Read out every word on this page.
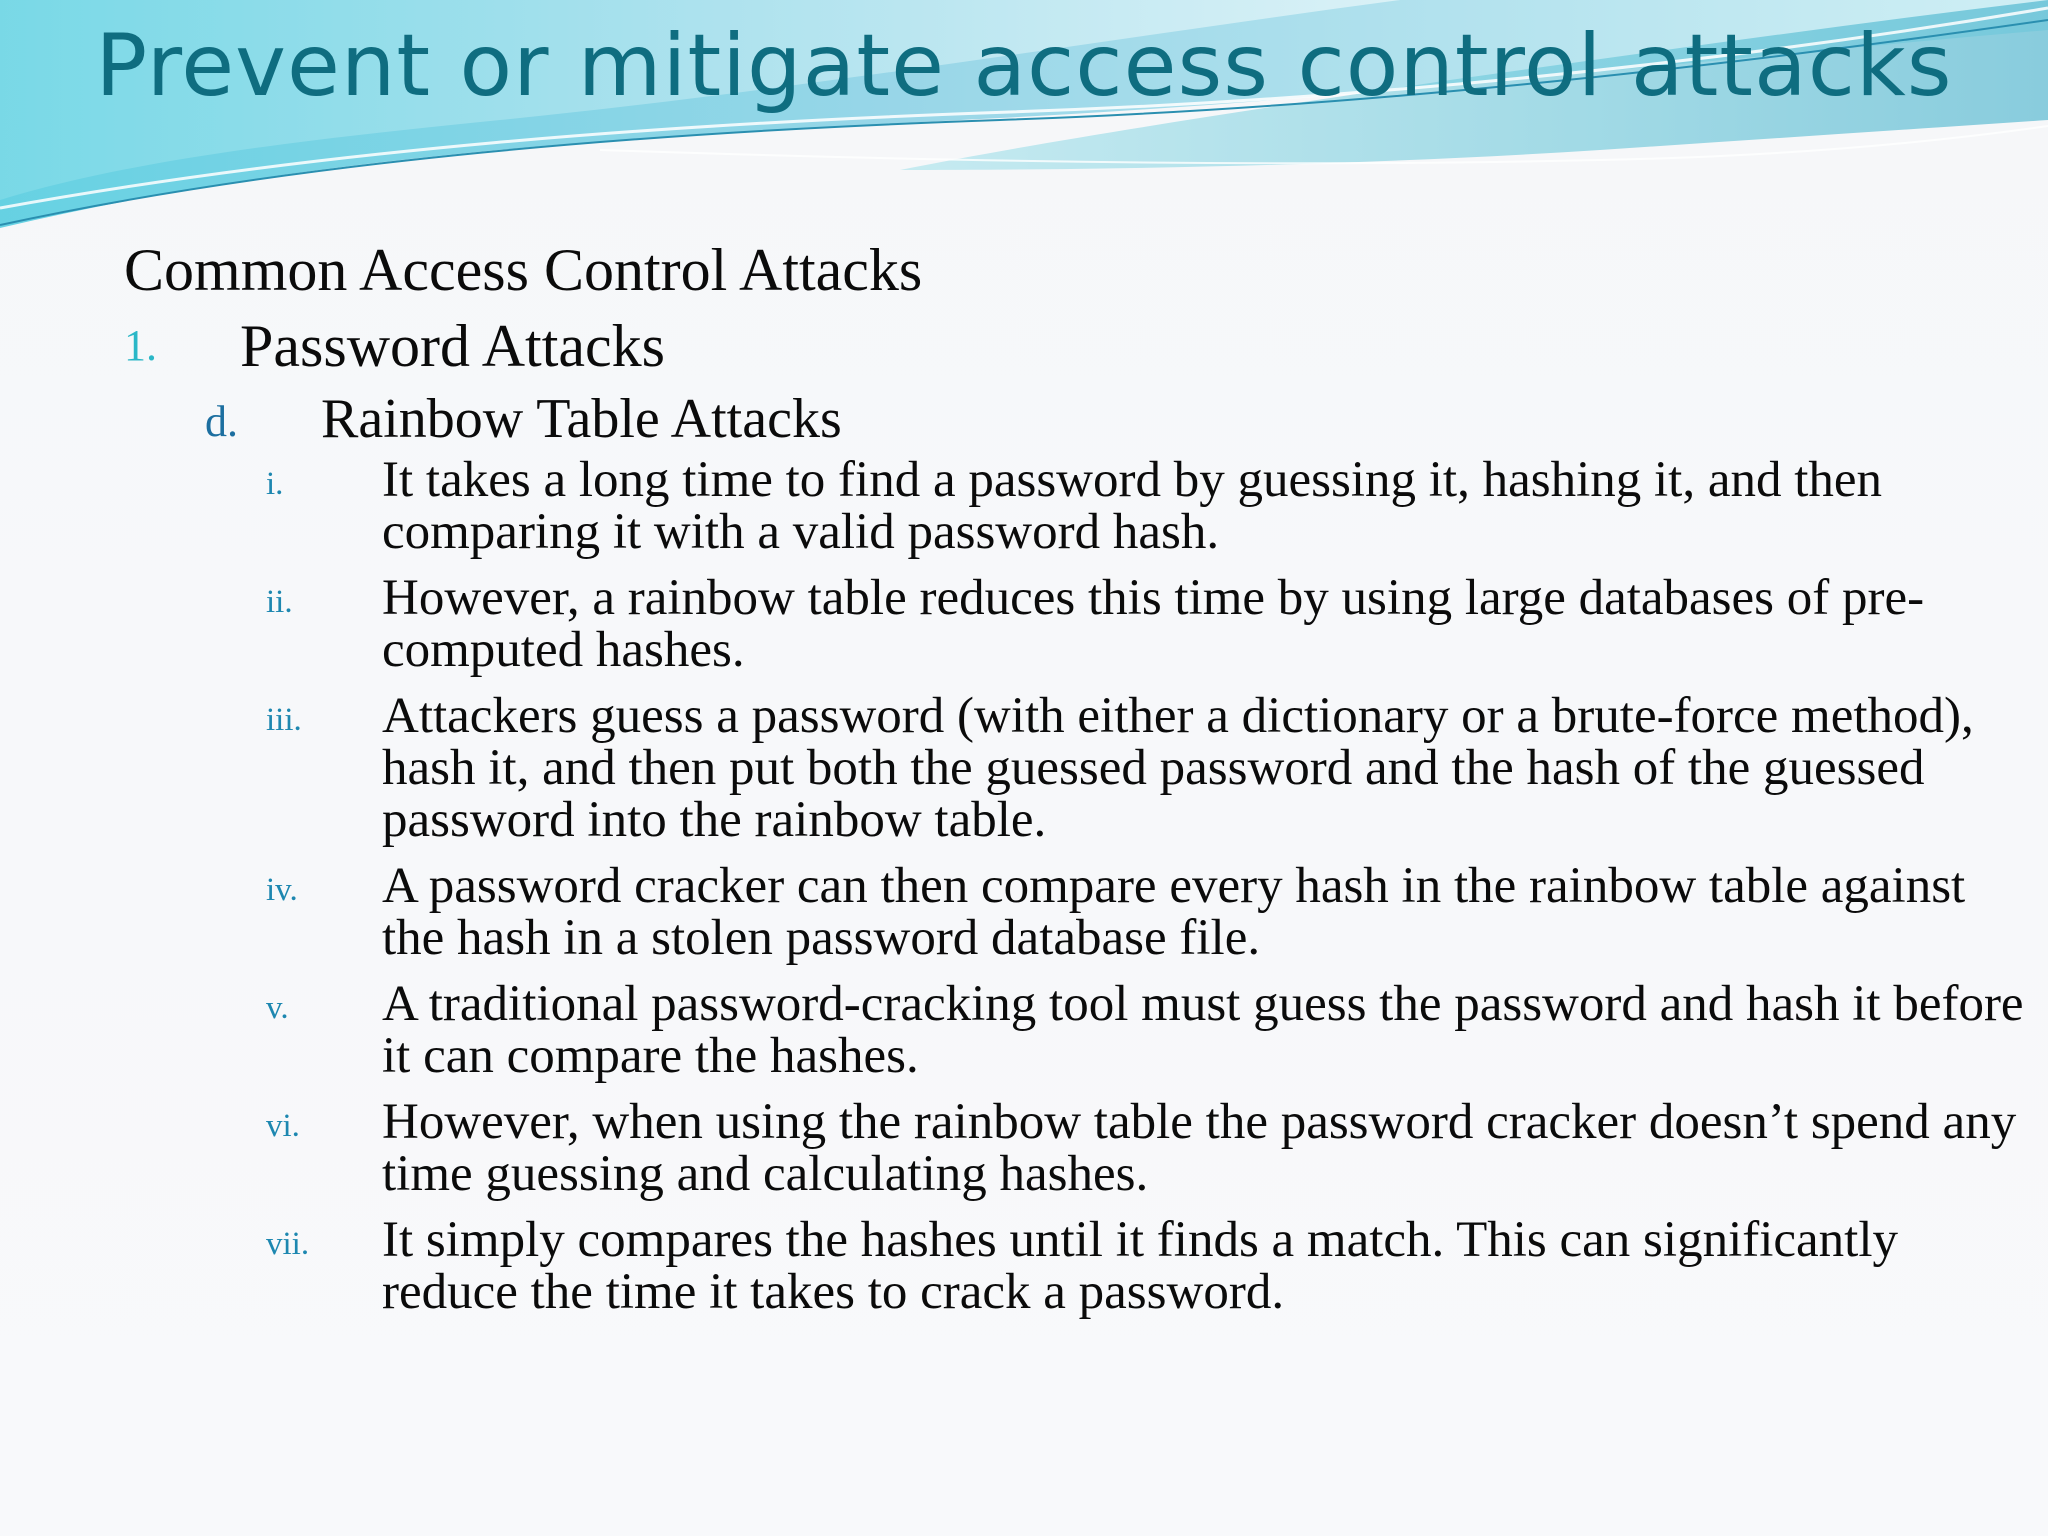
Prevent or mitigate access control attacks

Common Access Control Attacks

1. Password Attacks
d. Rainbow Table Attacks
i. It takes a long time to find a password by guessing it, hashing it, and then comparing it with a valid password hash.
ii. However, a rainbow table reduces this time by using large databases of pre-computed hashes.
iii. Attackers guess a password (with either a dictionary or a brute-force method), hash it, and then put both the guessed password and the hash of the guessed password into the rainbow table.
iv. A password cracker can then compare every hash in the rainbow table against the hash in a stolen password database file.
v. A traditional password-cracking tool must guess the password and hash it before it can compare the hashes.
vi. However, when using the rainbow table the password cracker doesn’t spend any time guessing and calculating hashes.
vii. It simply compares the hashes until it finds a match. This can significantly reduce the time it takes to crack a password.
